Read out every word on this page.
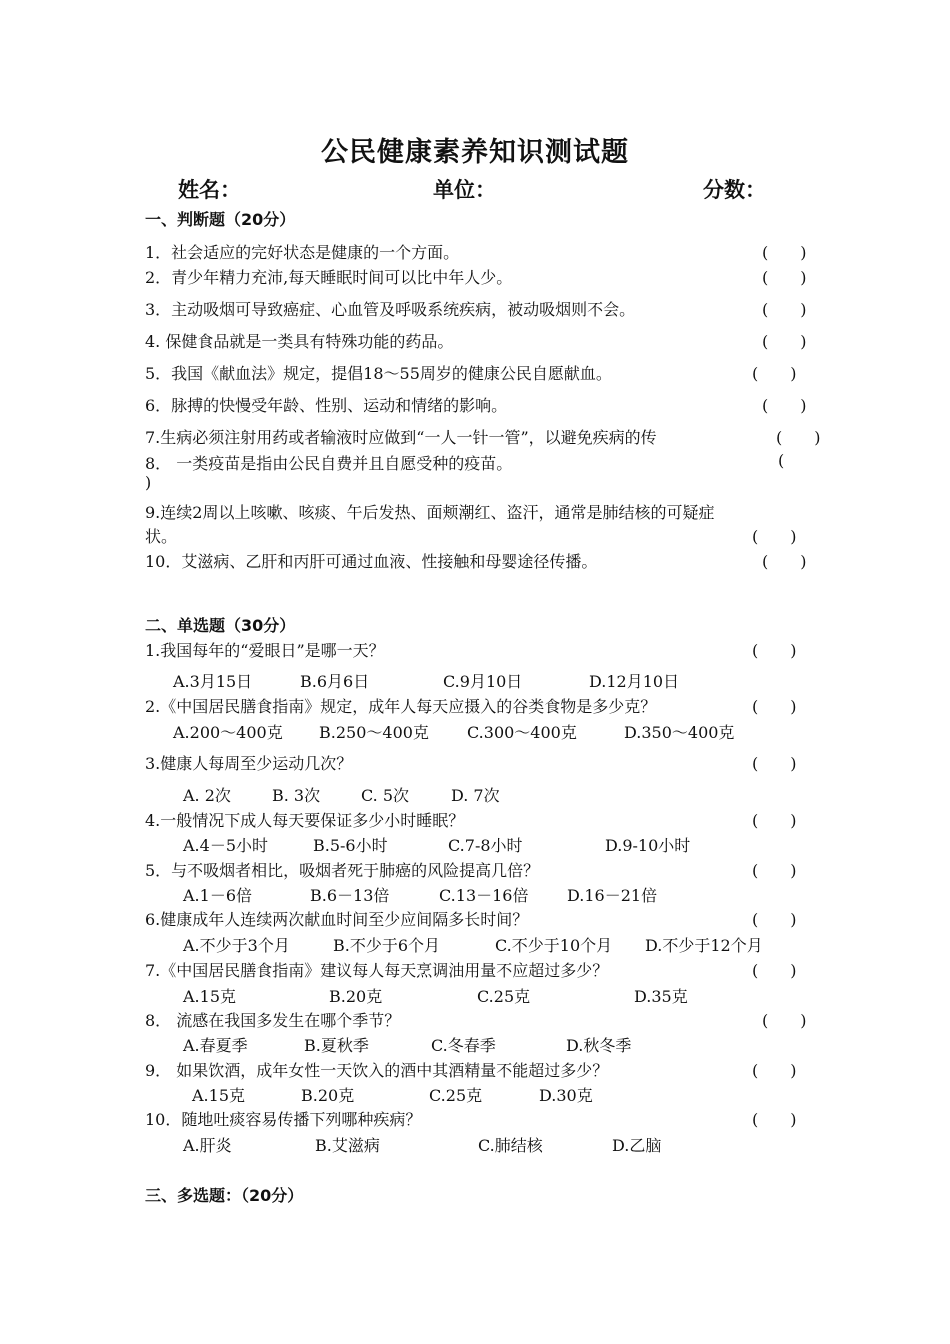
公民健康素养知识测试题
姓名：	单位：	分数：
一、判断题（20分）
1．社会适应的完好状态是健康的一个方面。	(　　)
2．青少年精力充沛,每天睡眠时间可以比中年人少。	(　　)
3．主动吸烟可导致癌症、心血管及呼吸系统疾病，被动吸烟则不会。	(　　)
4. 保健食品就是一类具有特殊功能的药品。	(　　)
5．我国《献血法》规定，提倡18～55周岁的健康公民自愿献血。	(　　)
6．脉搏的快慢受年龄、性别、运动和情绪的影响。	(　　)
7.生病必须注射用药或者输液时应做到“一人一针一管”，以避免疾病的传	(　　)
8． 一类疫苗是指由公民自费并且自愿受种的疫苗。	(
)
9.连续2周以上咳嗽、咳痰、午后发热、面颊潮红、盗汗，通常是肺结核的可疑症
状。	(　　)
10．艾滋病、乙肝和丙肝可通过血液、性接触和母婴途径传播。	(　　)
二、单选题（30分）
1.我国每年的“爱眼日”是哪一天？	(　　)
A.3月15日	B.6月6日	C.9月10日	D.12月10日
2.《中国居民膳食指南》规定，成年人每天应摄入的谷类食物是多少克？	(　　)
A.200～400克 B.250～400克 C.300～400克	D.350～400克
3.健康人每周至少运动几次？	(　　)
A. 2次	B. 3次	C. 5次	D. 7次
4.一般情况下成人每天要保证多少小时睡眠？	(　　)
A.4－5小时	B.5-6小时	C.7-8小时	D.9-10小时
5．与不吸烟者相比，吸烟者死于肺癌的风险提高几倍？	(　　)
A.1－6倍	B.6－13倍	C.13－16倍 D.16－21倍
6.健康成年人连续两次献血时间至少应间隔多长时间？	(　　)
A.不少于3个月	B.不少于6个月	C.不少于10个月 D.不少于12个月
7.《中国居民膳食指南》建议每人每天烹调油用量不应超过多少？	(　　)
A.15克	B.20克	C.25克	D.35克
8． 流感在我国多发生在哪个季节？	(　　)
A.春夏季	B.夏秋季	C.冬春季	D.秋冬季
9． 如果饮酒，成年女性一天饮入的酒中其酒精量不能超过多少？	(　　)
A.15克	B.20克	C.25克	D.30克
10．随地吐痰容易传播下列哪种疾病？	(　　)
A.肝炎	B.艾滋病	C.肺结核	D.乙脑
三、多选题：（20分）
